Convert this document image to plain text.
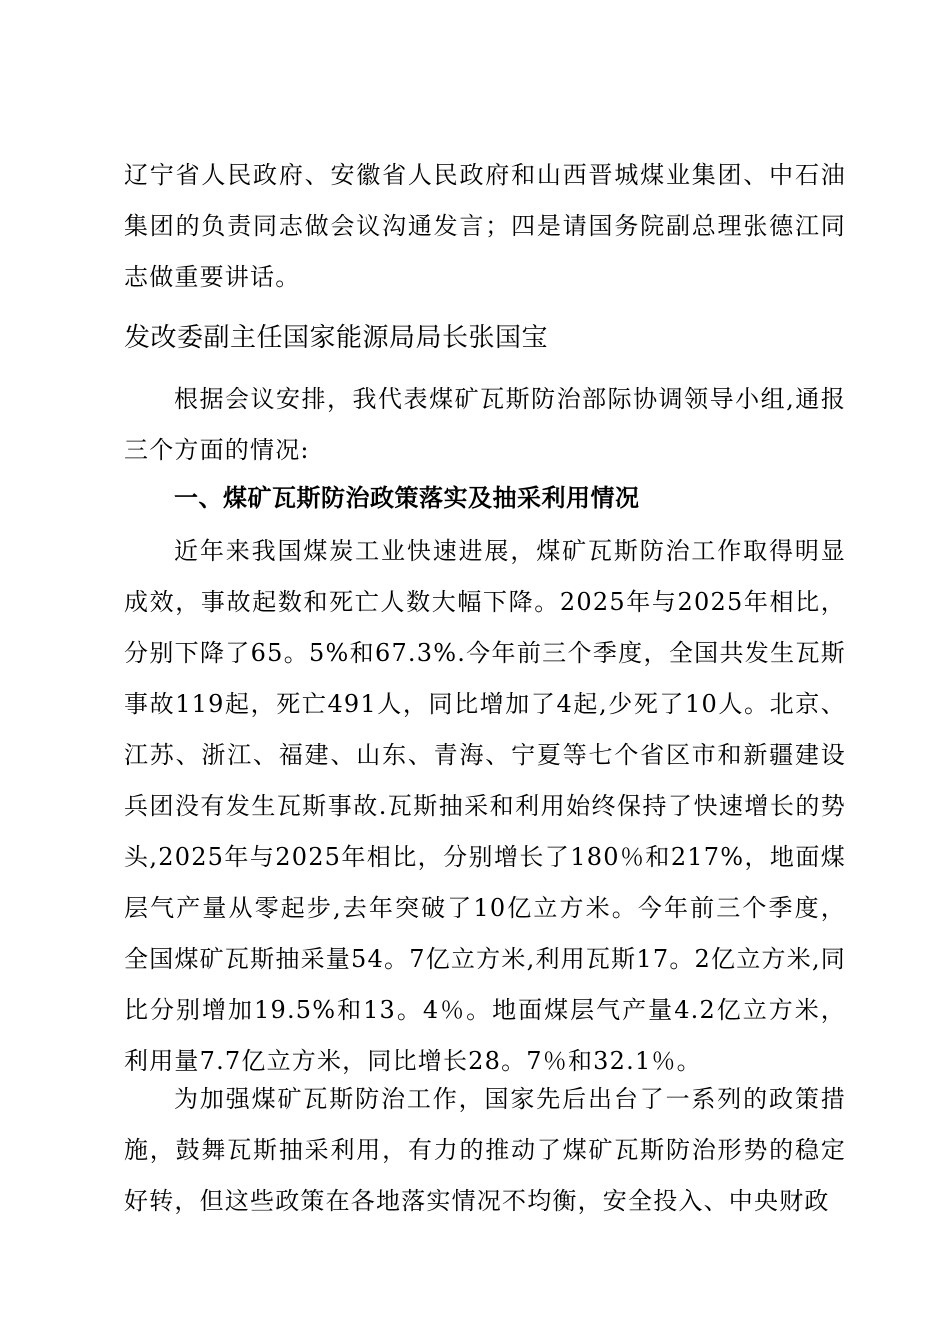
辽宁省人民政府、安徽省人民政府和山西晋城煤业集团、中石油集团的负责同志做会议沟通发言；四是请国务院副总理张德江同志做重要讲话。

发改委副主任国家能源局局长张国宝

根据会议安排，我代表煤矿瓦斯防治部际协调领导小组,通报三个方面的情况:

一、煤矿瓦斯防治政策落实及抽采利用情况

近年来我国煤炭工业快速进展，煤矿瓦斯防治工作取得明显成效，事故起数和死亡人数大幅下降。2025年与2025年相比，分别下降了65。5%和67.3%.今年前三个季度，全国共发生瓦斯事故119起，死亡491人，同比增加了4起,少死了10人。北京、江苏、浙江、福建、山东、青海、宁夏等七个省区市和新疆建设兵团没有发生瓦斯事故.瓦斯抽采和利用始终保持了快速增长的势头,2025年与2025年相比，分别增长了180％和217%，地面煤层气产量从零起步,去年突破了10亿立方米。今年前三个季度，全国煤矿瓦斯抽采量54。7亿立方米,利用瓦斯17。2亿立方米,同比分别增加19.5%和13。4％。地面煤层气产量4.2亿立方米，利用量7.7亿立方米，同比增长28。7％和32.1％。

为加强煤矿瓦斯防治工作，国家先后出台了一系列的政策措施，鼓舞瓦斯抽采利用，有力的推动了煤矿瓦斯防治形势的稳定好转，但这些政策在各地落实情况不均衡，安全投入、中央财政
